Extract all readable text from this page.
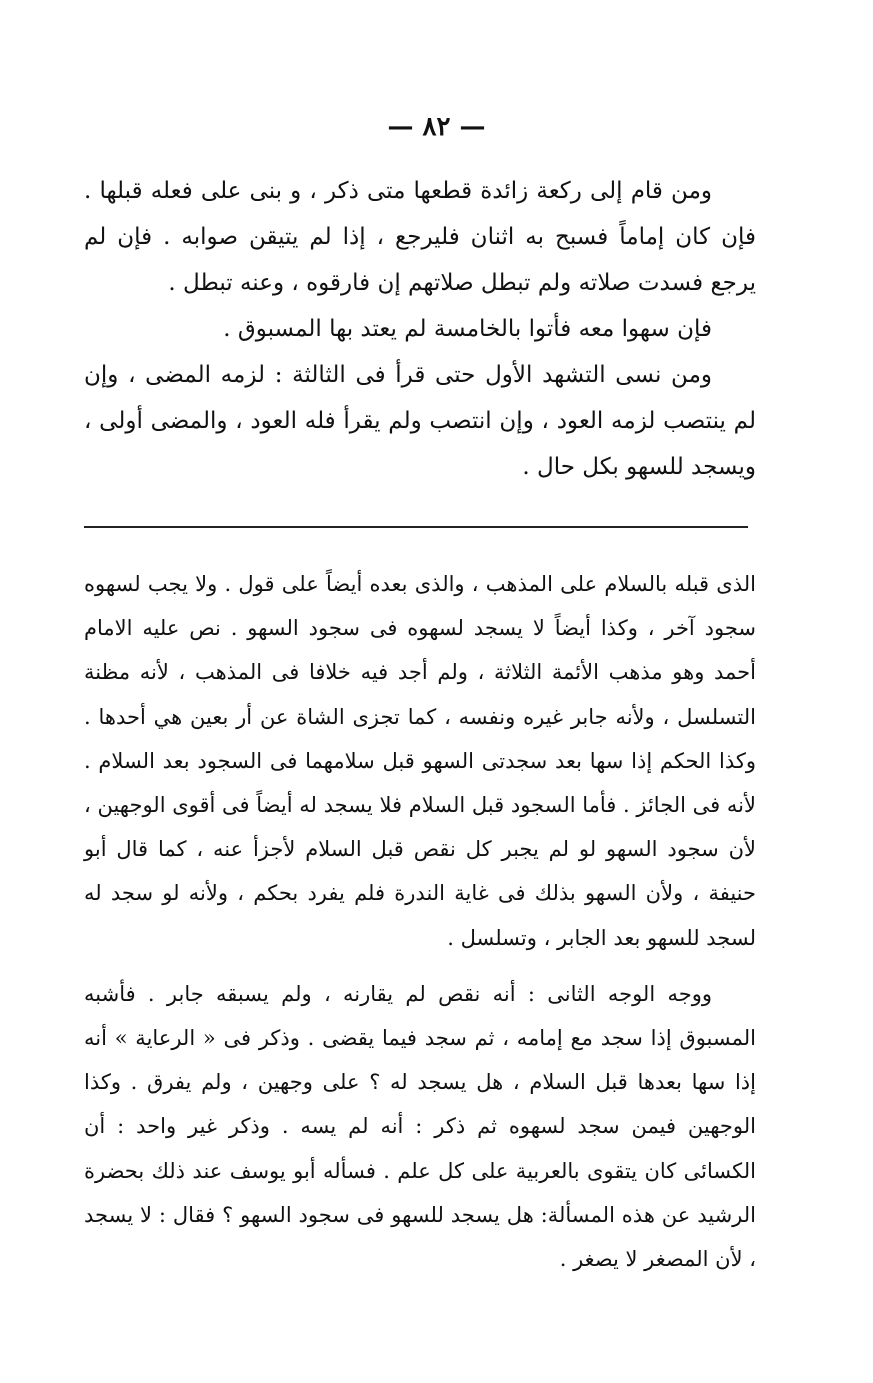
— ٨٢ —

ومن قام إلى ركعة زائدة قطعها متى ذكر ، و بنى على فعله قبلها . فإن كان إماماً فسبح به اثنان فليرجع ، إذا لم يتيقن صوابه . فإن لم يرجع فسدت صلاته ولم تبطل صلاتهم إن فارقوه ، وعنه تبطل .

فإن سهوا معه فأتوا بالخامسة لم يعتد بها المسبوق .

ومن نسى التشهد الأول حتى قرأ فى الثالثة : لزمه المضى ، وإن لم ينتصب لزمه العود ، وإن انتصب ولم يقرأ فله العود ، والمضى أولى ، ويسجد للسهو بكل حال .

الذى قبله بالسلام على المذهب ، والذى بعده أيضاً على قول . ولا يجب لسهوه سجود آخر ، وكذا أيضاً لا يسجد لسهوه فى سجود السهو . نص عليه الامام أحمد وهو مذهب الأئمة الثلاثة ، ولم أجد فيه خلافا فى المذهب ، لأنه مظنة التسلسل ، ولأنه جابر غيره ونفسه ، كما تجزى الشاة عن أر بعين هي أحدها . وكذا الحكم إذا سها بعد سجدتى السهو قبل سلامهما فى السجود بعد السلام . لأنه فى الجائز . فأما السجود قبل السلام فلا يسجد له أيضاً فى أقوى الوجهين ، لأن سجود السهو لو لم يجبر كل نقص قبل السلام لأجزأ عنه ، كما قال أبو حنيفة ، ولأن السهو بذلك فى غاية الندرة فلم يفرد بحكم ، ولأنه لو سجد له لسجد للسهو بعد الجابر ، وتسلسل .

ووجه الوجه الثانى : أنه نقص لم يقارنه ، ولم يسبقه جابر . فأشبه المسبوق إذا سجد مع إمامه ، ثم سجد فيما يقضى . وذكر فى « الرعاية » أنه إذا سها بعدها قبل السلام ، هل يسجد له ؟ على وجهين ، ولم يفرق . وكذا الوجهين فيمن سجد لسهوه ثم ذكر : أنه لم يسه . وذكر غير واحد : أن الكسائى كان يتقوى بالعربية على كل علم . فسأله أبو يوسف عند ذلك بحضرة الرشيد عن هذه المسألة: هل يسجد للسهو فى سجود السهو ؟ فقال : لا يسجد ، لأن المصغر لا يصغر .
